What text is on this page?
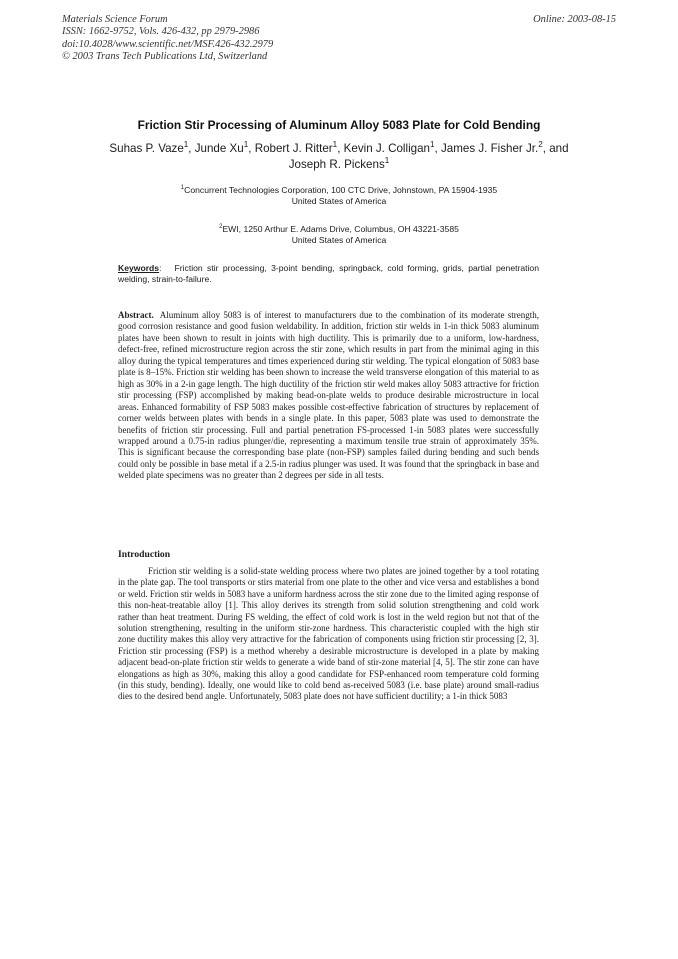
Materials Science Forum
ISSN: 1662-9752, Vols. 426-432, pp 2979-2986
doi:10.4028/www.scientific.net/MSF.426-432.2979
© 2003 Trans Tech Publications Ltd, Switzerland
Online: 2003-08-15
Friction Stir Processing of Aluminum Alloy 5083 Plate for Cold Bending
Suhas P. Vaze$^1$, Junde Xu$^1$, Robert J. Ritter$^1$, Kevin J. Colligan$^1$, James J. Fisher Jr.$^2$, and Joseph R. Pickens$^1$
$^1$Concurrent Technologies Corporation, 100 CTC Drive, Johnstown, PA 15904-1935
United States of America
$^2$EWI, 1250 Arthur E. Adams Drive, Columbus, OH 43221-3585
United States of America
Keywords: Friction stir processing, 3-point bending, springback, cold forming, grids, partial penetration welding, strain-to-failure.
Abstract. Aluminum alloy 5083 is of interest to manufacturers due to the combination of its moderate strength, good corrosion resistance and good fusion weldability. In addition, friction stir welds in 1-in thick 5083 aluminum plates have been shown to result in joints with high ductility. This is primarily due to a uniform, low-hardness, defect-free, refined microstructure region across the stir zone, which results in part from the minimal aging in this alloy during the typical temperatures and times experienced during stir welding. The typical elongation of 5083 base plate is 8–15%. Friction stir welding has been shown to increase the weld transverse elongation of this material to as high as 30% in a 2-in gage length. The high ductility of the friction stir weld makes alloy 5083 attractive for friction stir processing (FSP) accomplished by making bead-on-plate welds to produce desirable microstructure in local areas. Enhanced formability of FSP 5083 makes possible cost-effective fabrication of structures by replacement of corner welds between plates with bends in a single plate. In this paper, 5083 plate was used to demonstrate the benefits of friction stir processing. Full and partial penetration FS-processed 1-in 5083 plates were successfully wrapped around a 0.75-in radius plunger/die, representing a maximum tensile true strain of approximately 35%. This is significant because the corresponding base plate (non-FSP) samples failed during bending and such bends could only be possible in base metal if a 2.5-in radius plunger was used. It was found that the springback in base and welded plate specimens was no greater than 2 degrees per side in all tests.
Introduction
Friction stir welding is a solid-state welding process where two plates are joined together by a tool rotating in the plate gap. The tool transports or stirs material from one plate to the other and vice versa and establishes a bond or weld. Friction stir welds in 5083 have a uniform hardness across the stir zone due to the limited aging response of this non-heat-treatable alloy [1]. This alloy derives its strength from solid solution strengthening and cold work rather than heat treatment. During FS welding, the effect of cold work is lost in the weld region but not that of the solution strengthening, resulting in the uniform stir-zone hardness. This characteristic coupled with the high stir zone ductility makes this alloy very attractive for the fabrication of components using friction stir processing [2, 3]. Friction stir processing (FSP) is a method whereby a desirable microstructure is developed in a plate by making adjacent bead-on-plate friction stir welds to generate a wide band of stir-zone material [4, 5]. The stir zone can have elongations as high as 30%, making this alloy a good candidate for FSP-enhanced room temperature cold forming (in this study, bending). Ideally, one would like to cold bend as-received 5083 (i.e. base plate) around small-radius dies to the desired bend angle. Unfortunately, 5083 plate does not have sufficient ductility; a 1-in thick 5083
